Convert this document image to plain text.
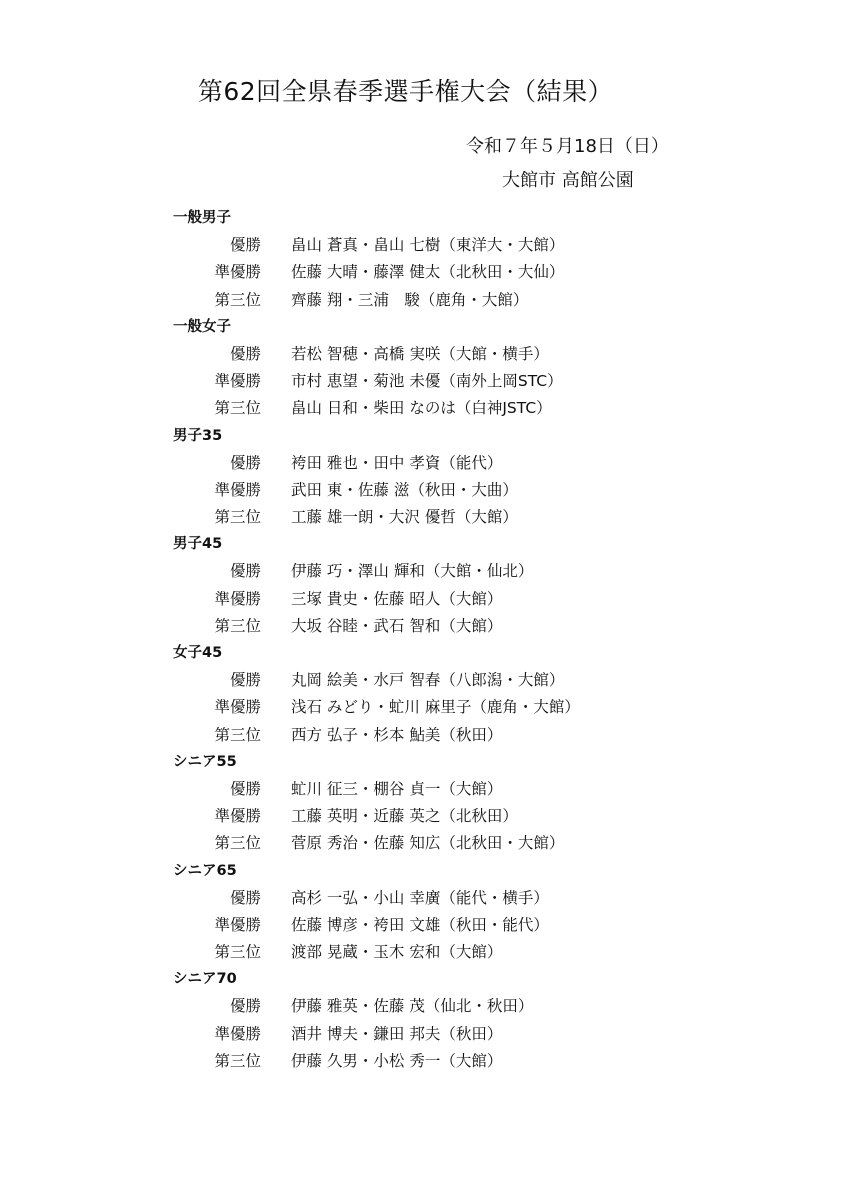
第62回全県春季選手権大会（結果）
令和７年５月18日（日）
大館市 高館公園
一般男子
優勝 畠山 蒼真・畠山 七樹（東洋大・大館）
準優勝 佐藤 大晴・藤澤 健太（北秋田・大仙）
第三位 齊藤 翔・三浦　駿（鹿角・大館）
一般女子
優勝 若松 智穂・高橋 実咲（大館・横手）
準優勝 市村 恵望・菊池 未優（南外上岡STC）
第三位 畠山 日和・柴田 なのは（白神JSTC）
男子35
優勝 袴田 雅也・田中 孝資（能代）
準優勝 武田 東・佐藤 滋（秋田・大曲）
第三位 工藤 雄一朗・大沢 優哲（大館）
男子45
優勝 伊藤 巧・澤山 輝和（大館・仙北）
準優勝 三塚 貴史・佐藤 昭人（大館）
第三位 大坂 谷睦・武石 智和（大館）
女子45
優勝 丸岡 絵美・水戸 智春（八郎潟・大館）
準優勝 浅石 みどり・虻川 麻里子（鹿角・大館）
第三位 西方 弘子・杉本 鮎美（秋田）
シニア55
優勝 虻川 征三・棚谷 貞一（大館）
準優勝 工藤 英明・近藤 英之（北秋田）
第三位 菅原 秀治・佐藤 知広（北秋田・大館）
シニア65
優勝 高杉 一弘・小山 幸廣（能代・横手）
準優勝 佐藤 博彦・袴田 文雄（秋田・能代）
第三位 渡部 晃蔵・玉木 宏和（大館）
シニア70
優勝 伊藤 雅英・佐藤 茂（仙北・秋田）
準優勝 酒井 博夫・鎌田 邦夫（秋田）
第三位 伊藤 久男・小松 秀一（大館）
